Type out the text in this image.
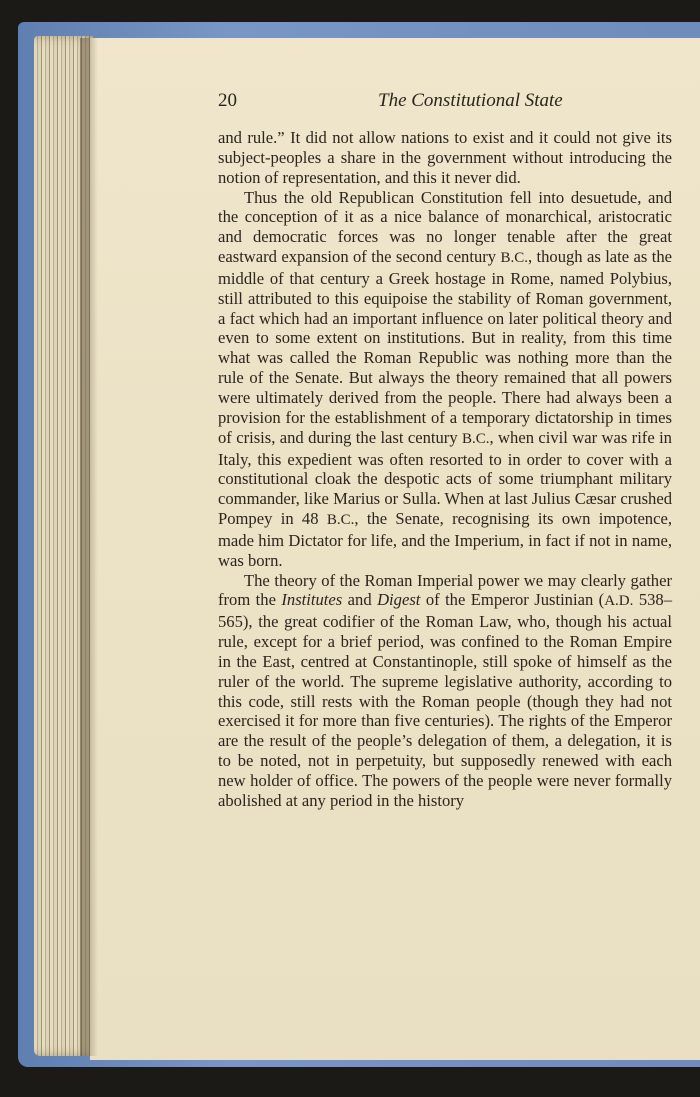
20	The Constitutional State

and rule.” It did not allow nations to exist and it could not give its subject-peoples a share in the government without introducing the notion of representation, and this it never did.

Thus the old Republican Constitution fell into desuetude, and the conception of it as a nice balance of monarchical, aristocratic and democratic forces was no longer tenable after the great eastward expansion of the second century B.C., though as late as the middle of that century a Greek hostage in Rome, named Polybius, still attributed to this equipoise the stability of Roman government, a fact which had an important influence on later political theory and even to some extent on institutions. But in reality, from this time what was called the Roman Republic was nothing more than the rule of the Senate. But always the theory remained that all powers were ultimately derived from the people. There had always been a provision for the establishment of a temporary dictatorship in times of crisis, and during the last century B.C., when civil war was rife in Italy, this expedient was often resorted to in order to cover with a constitutional cloak the despotic acts of some triumphant military commander, like Marius or Sulla. When at last Julius Cæsar crushed Pompey in 48 B.C., the Senate, recognising its own impotence, made him Dictator for life, and the Imperium, in fact if not in name, was born.

The theory of the Roman Imperial power we may clearly gather from the Institutes and Digest of the Emperor Justinian (A.D. 538–565), the great codifier of the Roman Law, who, though his actual rule, except for a brief period, was confined to the Roman Empire in the East, centred at Constantinople, still spoke of himself as the ruler of the world. The supreme legislative authority, according to this code, still rests with the Roman people (though they had not exercised it for more than five centuries). The rights of the Emperor are the result of the people’s delegation of them, a delegation, it is to be noted, not in perpetuity, but supposedly renewed with each new holder of office. The powers of the people were never formally abolished at any period in the history
